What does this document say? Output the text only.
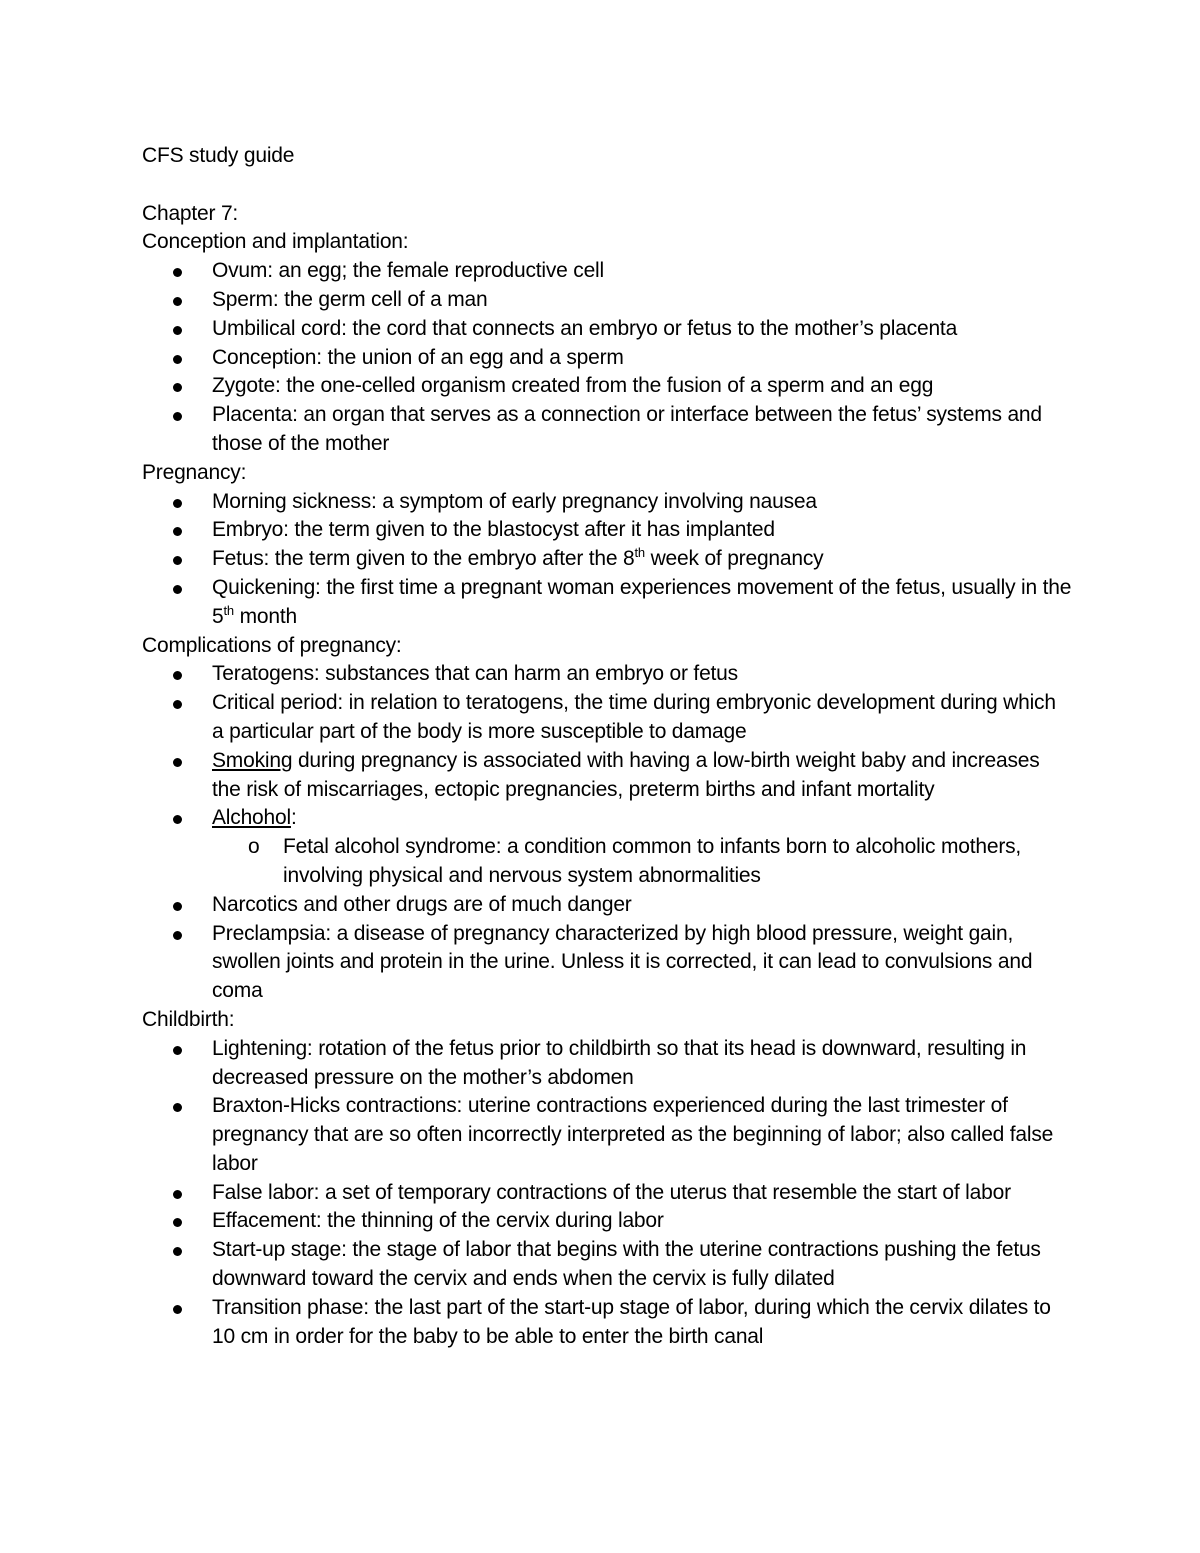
CFS study guide

Chapter 7:

Conception and implantation:

Ovum: an egg; the female reproductive cell
Sperm: the germ cell of a man
Umbilical cord: the cord that connects an embryo or fetus to the mother’s placenta
Conception: the union of an egg and a sperm
Zygote: the one-celled organism created from the fusion of a sperm and an egg
Placenta: an organ that serves as a connection or interface between the fetus’ systems and those of the mother

Pregnancy:

Morning sickness: a symptom of early pregnancy involving nausea
Embryo: the term given to the blastocyst after it has implanted
Fetus: the term given to the embryo after the 8th week of pregnancy
Quickening: the first time a pregnant woman experiences movement of the fetus, usually in the 5th month

Complications of pregnancy:

Teratogens: substances that can harm an embryo or fetus
Critical period: in relation to teratogens, the time during embryonic development during which a particular part of the body is more susceptible to damage
Smoking during pregnancy is associated with having a low-birth weight baby and increases the risk of miscarriages, ectopic pregnancies, preterm births and infant mortality
Alchohol:
o Fetal alcohol syndrome: a condition common to infants born to alcoholic mothers, involving physical and nervous system abnormalities
Narcotics and other drugs are of much danger
Preclampsia: a disease of pregnancy characterized by high blood pressure, weight gain, swollen joints and protein in the urine. Unless it is corrected, it can lead to convulsions and coma

Childbirth:

Lightening: rotation of the fetus prior to childbirth so that its head is downward, resulting in decreased pressure on the mother’s abdomen
Braxton-Hicks contractions: uterine contractions experienced during the last trimester of pregnancy that are so often incorrectly interpreted as the beginning of labor; also called false labor
False labor: a set of temporary contractions of the uterus that resemble the start of labor
Effacement: the thinning of the cervix during labor
Start-up stage: the stage of labor that begins with the uterine contractions pushing the fetus downward toward the cervix and ends when the cervix is fully dilated
Transition phase: the last part of the start-up stage of labor, during which the cervix dilates to 10 cm in order for the baby to be able to enter the birth canal
